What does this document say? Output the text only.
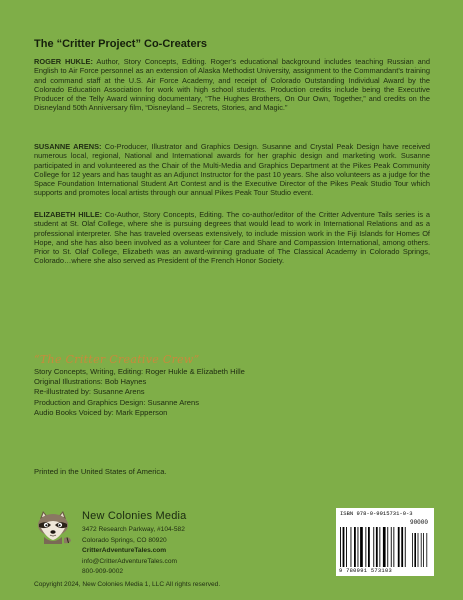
The “Critter Project” Co-Creaters
ROGER HUKLE: Author, Story Concepts, Editing. Roger’s educational background includes teaching Russian and English to Air Force personnel as an extension of Alaska Methodist University, assignment to the Commandant’s training and command staff at the U.S. Air Force Academy, and receipt of Colorado Outstanding Individual Award by the Colorado Education Association for work with high school students. Production credits include being the Executive Producer of the Telly Award winning documentary, “The Hughes Brothers, On Our Own, Together,” and credits on the Disneyland 50th Anniversary film, “Disneyland – Secrets, Stories, and Magic.”
SUSANNE ARENS: Co-Producer, Illustrator and Graphics Design. Susanne and Crystal Peak Design have received numerous local, regional, National and International awards for her graphic design and marketing work. Susanne participated in and volunteered as the Chair of the Multi-Media and Graphics Department at the Pikes Peak Community College for 12 years and has taught as an Adjunct Instructor for the past 10 years. She also volunteers as a judge for the Space Foundation International Student Art Contest and is the Executive Director of the Pikes Peak Studio Tour which supports and promotes local artists through our annual Pikes Peak Tour Studio event.
ELIZABETH HILLE: Co-Author, Story Concepts, Editing. The co-author/editor of the Critter Adventure Tails series is a student at St. Olaf College, where she is pursuing degrees that would lead to work in International Relations and as a professional interpreter. She has traveled overseas extensively, to include mission work in the Fiji Islands for Homes Of Hope, and she has also been involved as a volunteer for Care and Share and Compassion International, among others. Prior to St. Olaf College, Elizabeth was an award-winning graduate of The Classical Academy in Colorado Springs, Colorado…where she also served as President of the French Honor Society.
“The Critter Creative Crew”
Story Concepts, Writing, Editing: Roger Hukle & Elizabeth Hille
Original Illustrations: Bob Haynes
Re-illustrated by: Susanne Arens
Production and Graphics Design: Susanne Arens
Audio Books Voiced by: Mark Epperson
Printed in the United States of America.
New Colonies Media
3472 Research Parkway, #104-582
Colorado Springs, CO 80920
CritterAdventureTales.com
info@CritterAdventureTales.com
800-909-9002
ISBN 978-0-9915731-0-3
90000
9 780991 573103
Copyright 2024, New Colonies Media 1, LLC All rights reserved.
